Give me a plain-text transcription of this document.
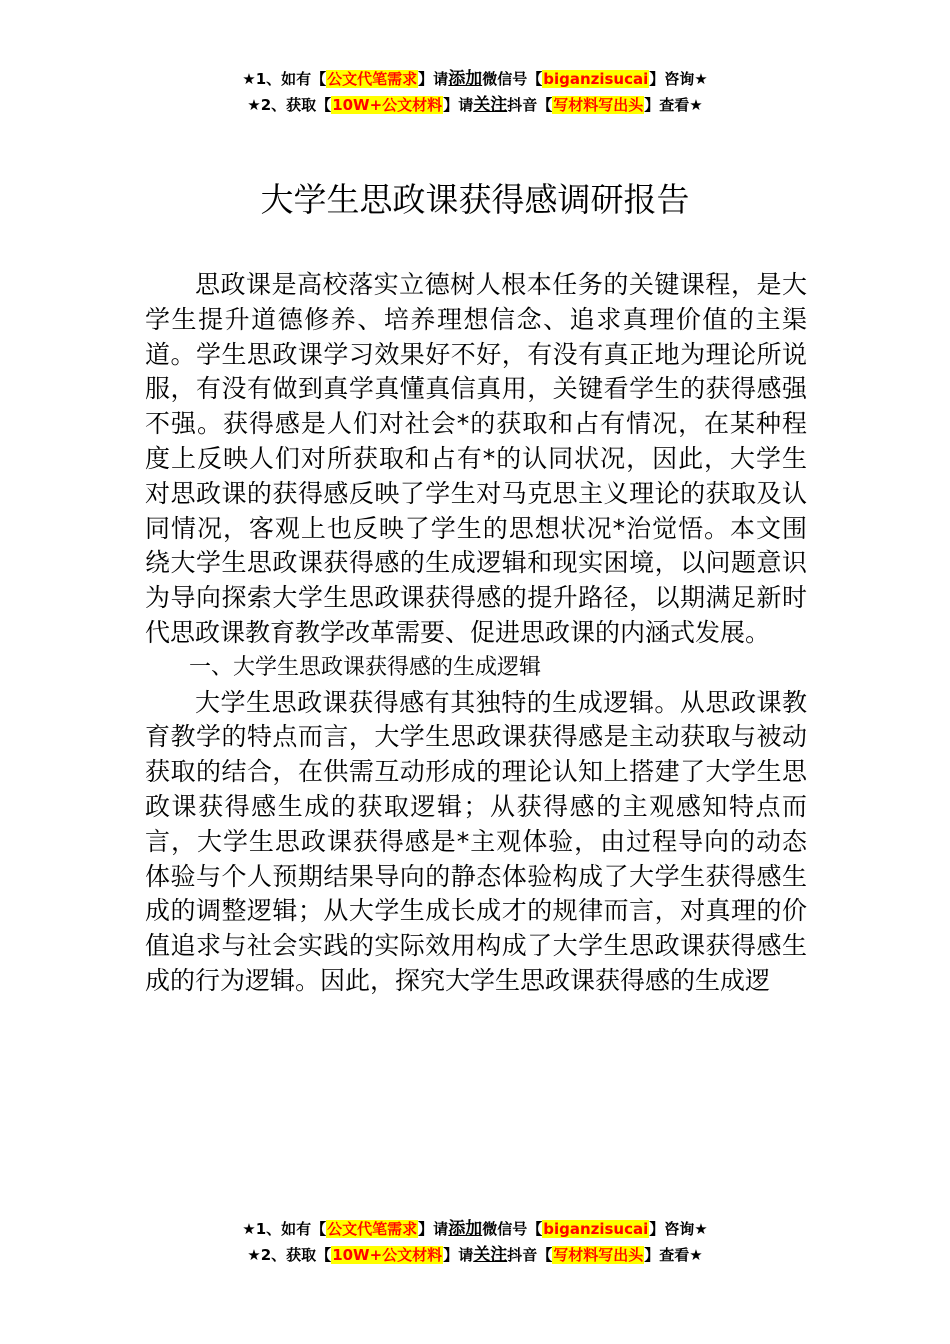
★1、如有【公文代笔需求】请添加微信号【biganzisucai】咨询★
★2、获取【10W+公文材料】请关注抖音【写材料写出头】查看★
大学生思政课获得感调研报告

思政课是高校落实立德树人根本任务的关键课程，是大学生提升道德修养、培养理想信念、追求真理价值的主渠道。学生思政课学习效果好不好，有没有真正地为理论所说服，有没有做到真学真懂真信真用，关键看学生的获得感强不强。获得感是人们对社会*的获取和占有情况，在某种程度上反映人们对所获取和占有*的认同状况，因此，大学生对思政课的获得感反映了学生对马克思主义理论的获取及认同情况，客观上也反映了学生的思想状况*治觉悟。本文围绕大学生思政课获得感的生成逻辑和现实困境，以问题意识为导向探索大学生思政课获得感的提升路径，以期满足新时代思政课教育教学改革需要、促进思政课的内涵式发展。

一、大学生思政课获得感的生成逻辑

大学生思政课获得感有其独特的生成逻辑。从思政课教育教学的特点而言，大学生思政课获得感是主动获取与被动获取的结合，在供需互动形成的理论认知上搭建了大学生思政课获得感生成的获取逻辑；从获得感的主观感知特点而言，大学生思政课获得感是*主观体验，由过程导向的动态体验与个人预期结果导向的静态体验构成了大学生获得感生成的调整逻辑；从大学生成长成才的规律而言，对真理的价值追求与社会实践的实际效用构成了大学生思政课获得感生成的行为逻辑。因此，探究大学生思政课获得感的生成逻

★1、如有【公文代笔需求】请添加微信号【biganzisucai】咨询★
★2、获取【10W+公文材料】请关注抖音【写材料写出头】查看★
